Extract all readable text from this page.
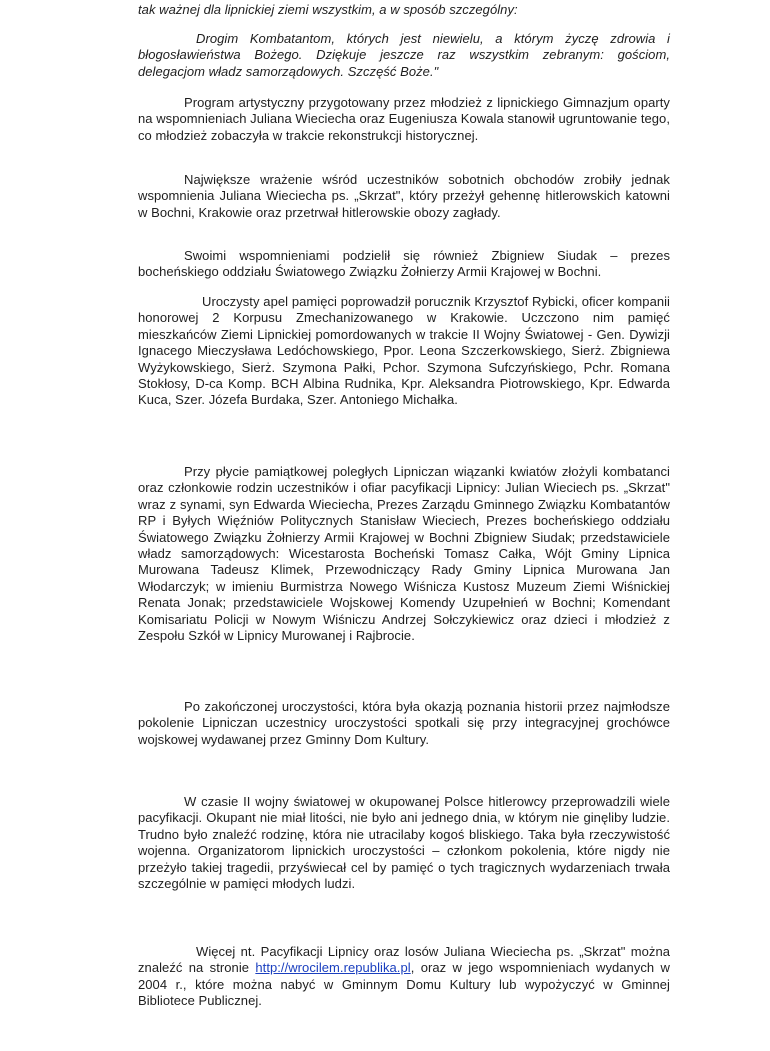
tak ważnej dla lipnickiej ziemi wszystkim, a w sposób szczególny:

Drogim Kombatantom, których jest niewielu, a którym życzę zdrowia i błogosławieństwa Bożego. Dziękuje jeszcze raz wszystkim zebranym: gościom, delegacjom władz samorządowych. Szczęść Boże."

Program artystyczny przygotowany przez młodzież z lipnickiego Gimnazjum oparty na wspomnieniach Juliana Wieciecha oraz Eugeniusza Kowala stanowił ugruntowanie tego, co młodzież zobaczyła w trakcie rekonstrukcji historycznej.

Największe wrażenie wśród uczestników sobotnich obchodów zrobiły jednak wspomnienia Juliana Wieciecha ps. „Skrzat", który przeżył gehennę hitlerowskich katowni w Bochni, Krakowie oraz przetrwał hitlerowskie obozy zagłady.

Swoimi wspomnieniami podzielił się również Zbigniew Siudak – prezes bocheńskiego oddziału Światowego Związku Żołnierzy Armii Krajowej w Bochni.

Uroczysty apel pamięci poprowadził porucznik Krzysztof Rybicki, oficer kompanii honorowej 2 Korpusu Zmechanizowanego w Krakowie. Uczczono nim pamięć mieszkańców Ziemi Lipnickiej pomordowanych w trakcie II Wojny Światowej - Gen. Dywizji Ignacego Mieczysława Ledóchowskiego, Ppor. Leona Szczerkowskiego, Sierż. Zbigniewa Wyżykowskiego, Sierż. Szymona Pałki, Pchor. Szymona Sufczyńskiego, Pchr. Romana Stokłosy, D-ca Komp. BCH Albina Rudnika, Kpr. Aleksandra Piotrowskiego, Kpr. Edwarda Kuca, Szer. Józefa Burdaka, Szer. Antoniego Michałka.

Przy płycie pamiątkowej poległych Lipniczan wiązanki kwiatów złożyli kombatanci oraz członkowie rodzin uczestników i ofiar pacyfikacji Lipnicy: Julian Wieciech ps. „Skrzat" wraz z synami, syn Edwarda Wieciecha, Prezes Zarządu Gminnego Związku Kombatantów RP i Byłych Więźniów Politycznych Stanisław Wieciech, Prezes bocheńskiego oddziału Światowego Związku Żołnierzy Armii Krajowej w Bochni Zbigniew Siudak; przedstawiciele władz samorządowych: Wicestarosta Bocheński Tomasz Całka, Wójt Gminy Lipnica Murowana Tadeusz Klimek, Przewodniczący Rady Gminy Lipnica Murowana Jan Włodarczyk; w imieniu Burmistrza Nowego Wiśnicza Kustosz Muzeum Ziemi Wiśnickiej Renata Jonak; przedstawiciele Wojskowej Komendy Uzupełnień w Bochni; Komendant Komisariatu Policji w Nowym Wiśniczu Andrzej Sołczykiewicz oraz dzieci i młodzież z Zespołu Szkół w Lipnicy Murowanej i Rajbrocie.

Po zakończonej uroczystości, która była okazją poznania historii przez najmłodsze pokolenie Lipniczan uczestnicy uroczystości spotkali się przy integracyjnej grochówce wojskowej wydawanej przez Gminny Dom Kultury.

W czasie II wojny światowej w okupowanej Polsce hitlerowcy przeprowadzili wiele pacyfikacji. Okupant nie miał litości, nie było ani jednego dnia, w którym nie ginęliby ludzie. Trudno było znaleźć rodzinę, która nie utracilaby kogoś bliskiego. Taka była rzeczywistość wojenna. Organizatorom lipnickich uroczystości – członkom pokolenia, które nigdy nie przeżyło takiej tragedii, przyświecał cel by pamięć o tych tragicznych wydarzeniach trwała szczególnie w pamięci młodych ludzi.

Więcej nt. Pacyfikacji Lipnicy oraz losów Juliana Wieciecha ps. „Skrzat" można znaleźć na stronie http://wrocilem.republika.pl, oraz w jego wspomnieniach wydanych w 2004 r., które można nabyć w Gminnym Domu Kultury lub wypożyczyć w Gminnej Bibliotece Publicznej.
